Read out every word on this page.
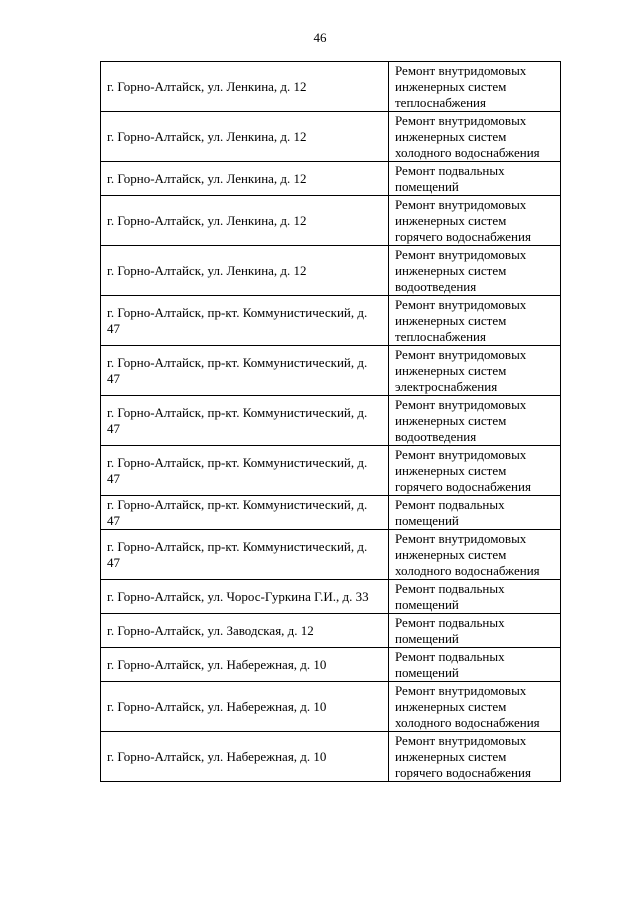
46
г. Горно-Алтайск, ул. Ленкина, д. 12	Ремонт внутридомовых инженерных систем теплоснабжения
г. Горно-Алтайск, ул. Ленкина, д. 12	Ремонт внутридомовых инженерных систем холодного водоснабжения
г. Горно-Алтайск, ул. Ленкина, д. 12	Ремонт подвальных помещений
г. Горно-Алтайск, ул. Ленкина, д. 12	Ремонт внутридомовых инженерных систем горячего водоснабжения
г. Горно-Алтайск, ул. Ленкина, д. 12	Ремонт внутридомовых инженерных систем водоотведения
г. Горно-Алтайск, пр-кт. Коммунистический, д. 47	Ремонт внутридомовых инженерных систем теплоснабжения
г. Горно-Алтайск, пр-кт. Коммунистический, д. 47	Ремонт внутридомовых инженерных систем электроснабжения
г. Горно-Алтайск, пр-кт. Коммунистический, д. 47	Ремонт внутридомовых инженерных систем водоотведения
г. Горно-Алтайск, пр-кт. Коммунистический, д. 47	Ремонт внутридомовых инженерных систем горячего водоснабжения
г. Горно-Алтайск, пр-кт. Коммунистический, д. 47	Ремонт подвальных помещений
г. Горно-Алтайск, пр-кт. Коммунистический, д. 47	Ремонт внутридомовых инженерных систем холодного водоснабжения
г. Горно-Алтайск, ул. Чорос-Гуркина Г.И., д. 33	Ремонт подвальных помещений
г. Горно-Алтайск, ул. Заводская, д. 12	Ремонт подвальных помещений
г. Горно-Алтайск, ул. Набережная, д. 10	Ремонт подвальных помещений
г. Горно-Алтайск, ул. Набережная, д. 10	Ремонт внутридомовых инженерных систем холодного водоснабжения
г. Горно-Алтайск, ул. Набережная, д. 10	Ремонт внутридомовых инженерных систем горячего водоснабжения
